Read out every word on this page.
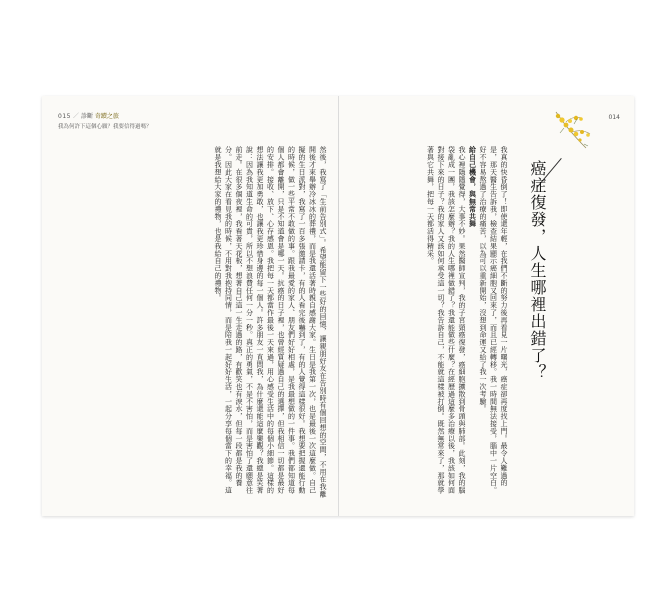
015 ／ 診斷 奇蹟之旅
我為何許下這個心願？我要信得過嗎？
然後，我寫了「生前告別式」。希望能留下一些好的回憶，讓親朋好友在告別時有個回想的空間，不用在我離開後才來舉辦冷冰冰的葬禮，而是我還活著時親自感謝大家。生日是我第一次，也是最後一次這麼做。自己擬的生日派對，我寫了一百多張邀請卡，有的人看完後嚇到了，有的人覺得這樣很好。我想要把握還能行動的時候，做一些平常不敢做的事。跟我最愛的家人、朋友們好好相處，是我最想做的一件事。我們都知道每個人都會離開，只是不知道會是哪一天。抗癌的日子裡，也曾經質疑過自己的選擇，但我相信一切都是最好的安排。接收、放下、心存感恩。我把每一天都當作最後一天來過，用心感受生活中的每個小細節。這樣的想法讓我更加勇敢，也讓我更珍惜身邊的每一個人。許多朋友一直問我，為什麼還能這麼樂觀？我總是笑著說：因為我知道生命的可貴，所以不想浪費任何一分一秒。真正的勇氣，不是不害怕，而是害怕了還願意往前走。在很多個夜裡，我看著天花板，想著自己這一生走過的路，有歡笑也有淚水，但每一段都是我的養分。因此大家在看見我的時候，不用對我抱持同情，而是陪我一起好好生活，一起分享每個當下的幸福。這就是我想給大家的禮物，也是我給自己的禮物。
014
癌症復發，人生哪裡出錯了？
我真的快昏倒了！即使還年輕，在我們不斷的努力後再看見一片曙光，癌症卻再度找上門。最令人難過的是，那天醫生告訴我，檢查結果顯示癌細胞又回來了，而且已經轉移。我一時間無法接受，腦中一片空白。好不容易熬過了治療的痛苦，以為可以重新開始，沒想到命運又給了我一次考驗。
給自己機會，與無常共舞
我心裡隱隱覺得，大事不妙。果然醫師宣判，我的子宮頸癌復發，癌細胞擴散到骨頭與肺部。此刻，我的腦袋亂成一團，我該怎麼辦？我的人生哪裡做錯了？我還能做些什麼？在經歷過這麼多治療以後，我該如何面對接下來的日子？我的家人又該如何承受這一切？我告訴自己，不能就這樣被打倒。既然無常來了，那就學著與它共舞，把每一天都活得精采。
